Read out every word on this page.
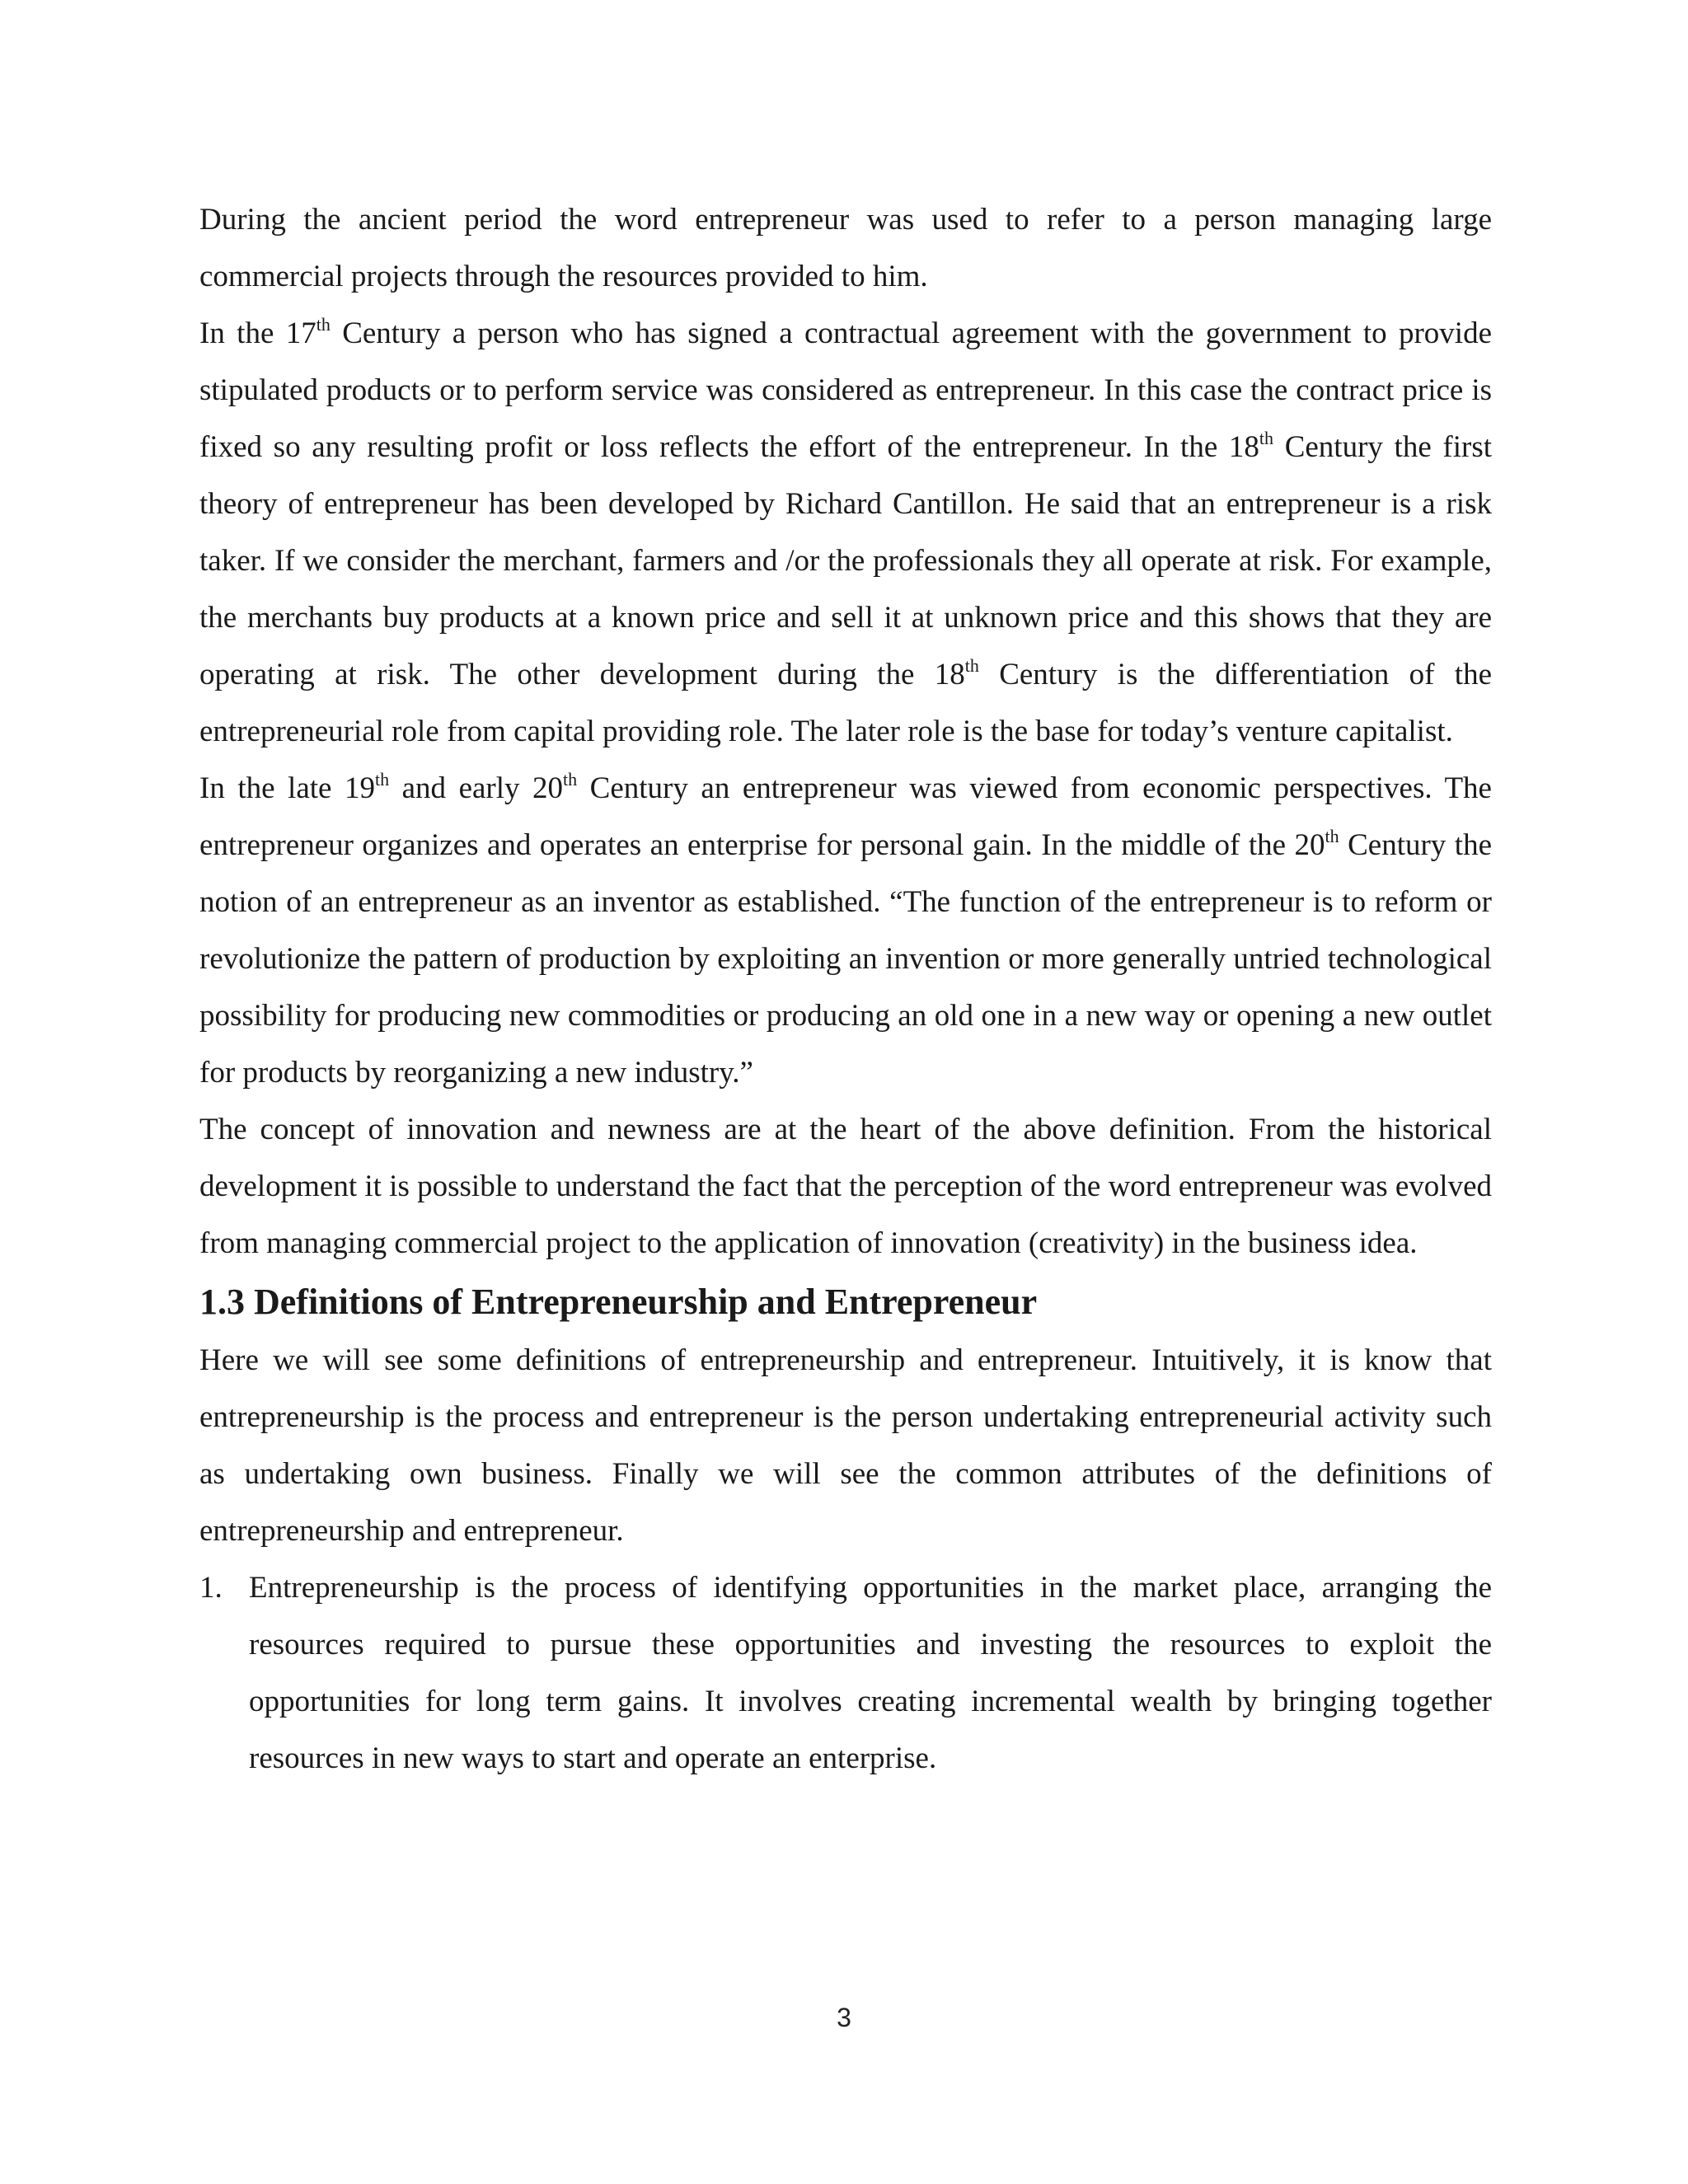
During the ancient period the word entrepreneur was used to refer to a person managing large commercial projects through the resources provided to him.

In the 17th Century a person who has signed a contractual agreement with the government to provide stipulated products or to perform service was considered as entrepreneur. In this case the contract price is fixed so any resulting profit or loss reflects the effort of the entrepreneur. In the 18th Century the first theory of entrepreneur has been developed by Richard Cantillon. He said that an entrepreneur is a risk taker. If we consider the merchant, farmers and /or the professionals they all operate at risk. For example, the merchants buy products at a known price and sell it at unknown price and this shows that they are operating at risk. The other development during the 18th Century is the differentiation of the entrepreneurial role from capital providing role. The later role is the base for today’s venture capitalist.

In the late 19th and early 20th Century an entrepreneur was viewed from economic perspectives. The entrepreneur organizes and operates an enterprise for personal gain. In the middle of the 20th Century the notion of an entrepreneur as an inventor as established. “The function of the entrepreneur is to reform or revolutionize the pattern of production by exploiting an invention or more generally untried technological possibility for producing new commodities or producing an old one in a new way or opening a new outlet for products by reorganizing a new industry.”

The concept of innovation and newness are at the heart of the above definition. From the historical development it is possible to understand the fact that the perception of the word entrepreneur was evolved from managing commercial project to the application of innovation (creativity) in the business idea.

1.3 Definitions of Entrepreneurship and Entrepreneur

Here we will see some definitions of entrepreneurship and entrepreneur. Intuitively, it is know that entrepreneurship is the process and entrepreneur is the person undertaking entrepreneurial activity such as undertaking own business. Finally we will see the common attributes of the definitions of entrepreneurship and entrepreneur.

1. Entrepreneurship is the process of identifying opportunities in the market place, arranging the resources required to pursue these opportunities and investing the resources to exploit the opportunities for long term gains. It involves creating incremental wealth by bringing together resources in new ways to start and operate an enterprise.
3
